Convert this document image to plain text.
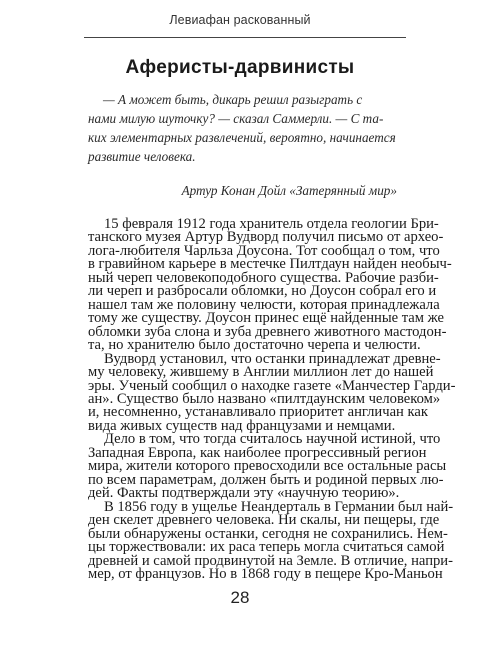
Левиафан раскованный
Аферисты-дарвинисты

— А может быть, дикарь решил разыграть с

нами милую шуточку? — сказал Саммерли. — С та-

ких элементарных развлечений, вероятно, начинается

развитие человека.

Артур Конан Дойл «Затерянный мир»

15 февраля 1912 года хранитель отдела геологии Бри-

танского музея Артур Вудворд получил письмо от архео-

лога-любителя Чарльза Доусона. Тот сообщал о том, что

в гравийном карьере в местечке Пилтдаун найден необыч-

ный череп человекоподобного существа. Рабочие разби-

ли череп и разбросали обломки, но Доусон собрал его и

нашел там же половину челюсти, которая принадлежала

тому же существу. Доусон принес ещё найденные там же

обломки зуба слона и зуба древнего животного мастодон-

та, но хранителю было достаточно черепа и челюсти.

Вудворд установил, что останки принадлежат древне-

му человеку, жившему в Англии миллион лет до нашей

эры. Ученый сообщил о находке газете «Манчестер Гарди-

ан». Существо было названо «пилтдаунским человеком»

и, несомненно, устанавливало приоритет англичан как

вида живых существ над французами и немцами.

Дело в том, что тогда считалось научной истиной, что

Западная Европа, как наиболее прогрессивный регион

мира, жители которого превосходили все остальные расы

по всем параметрам, должен быть и родиной первых лю-

дей. Факты подтверждали эту «научную теорию».

В 1856 году в ущелье Неандерталь в Германии был най-

ден скелет древнего человека. Ни скалы, ни пещеры, где

были обнаружены останки, сегодня не сохранились. Нем-

цы торжествовали: их раса теперь могла считаться самой

древней и самой продвинутой на Земле. В отличие, напри-

мер, от французов. Но в 1868 году в пещере Кро-Маньон

28
